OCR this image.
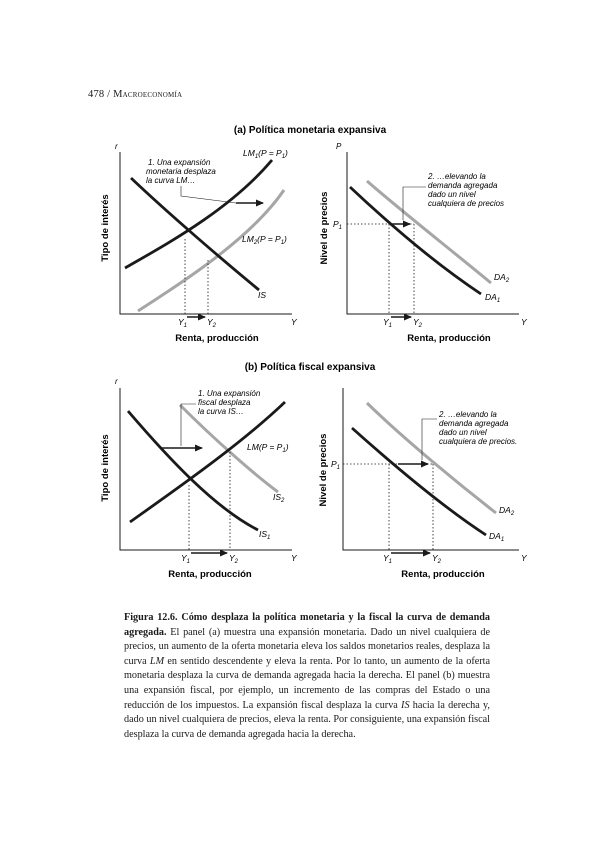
478 / Macroeconomía
(a) Política monetaria expansiva
r
Tipo de interés
Y
Renta, producción
$Y_1$ $Y_2$
1. Una expansión monetaria desplaza la curva LM…
$LM_1(P = P_1)$
$LM_2(P = P_1)$
IS
P
Nivel de precios
Y
Renta, producción
$P_1$
$Y_1$ $Y_2$
2. …elevando la demanda agregada dado un nivel cualquiera de precios
$DA_2$
$DA_1$
(b) Política fiscal expansiva
r
Tipo de interés
Y
Renta, producción
$Y_1$	$Y_2$
1. Una expansión fiscal desplaza la curva IS…
$LM(P = P_1)$
$IS_2$
$IS_1$
Nivel de precios
Y
Renta, producción
$P_1$
$Y_1$	$Y_2$
2. …elevando la demanda agregada dado un nivel cualquiera de precios.
$DA_2$
$DA_1$
Figura 12.6. Cómo desplaza la política monetaria y la fiscal la curva de demanda agregada. El panel (a) muestra una expansión monetaria. Dado un nivel cualquiera de precios, un aumento de la oferta monetaria eleva los saldos monetarios reales, desplaza la curva LM en sentido descendente y eleva la renta. Por lo tanto, un aumento de la oferta monetaria desplaza la curva de demanda agregada hacia la derecha. El panel (b) muestra una expansión fiscal, por ejemplo, un incremento de las compras del Estado o una reducción de los impuestos. La expansión fiscal desplaza la curva IS hacia la derecha y, dado un nivel cualquiera de precios, eleva la renta. Por consiguiente, una expansión fiscal desplaza la curva de demanda agregada hacia la derecha.
